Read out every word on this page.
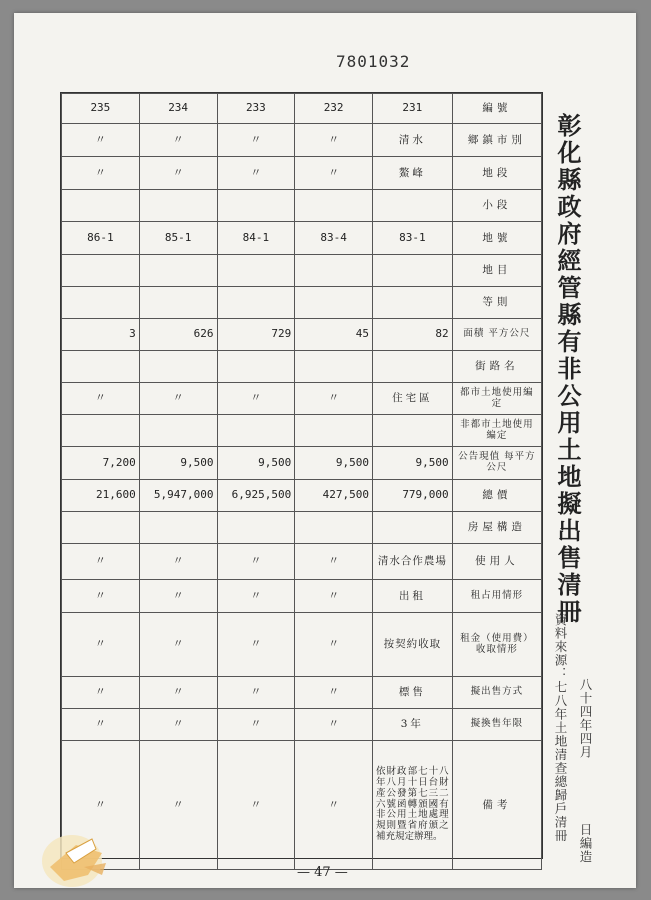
7801032
235	234	233	232	231	編號
〃	〃	〃	〃	清水	鄉鎮市別
〃	〃	〃	〃	鰲峰	地段
					小段
86-1	85-1	84-1	83-4	83-1	地號
					地目
					等則
3	626	729	45	82	面積 平方公尺
					街路名
〃	〃	〃	〃	住宅區	都市土地使用編定
					非都市土地使用編定
7,200	9,500	9,500	9,500	9,500	公告現值 每平方公尺
21,600	5,947,000	6,925,500	427,500	779,000	總價
					房屋構造
〃	〃	〃	〃	清水合作農場	使用人
〃	〃	〃	〃	出租	租占用情形
〃	〃	〃	〃	按契約收取	租金（使用費）收取情形
〃	〃	〃	〃	標售	擬出售方式
〃	〃	〃	〃	3年	擬換售年限
〃	〃	〃	〃	依財政部七十八年八月十日台財產公發第七三二六號函轉頒國有非公用土地處理規則暨省府頒之補充規定辦理。	備考
彰化縣政府經管縣有非公用土地擬出售清冊
資料來源：七八年土地清查總歸戶清冊 八十四年四月
日編造
— 47 —
